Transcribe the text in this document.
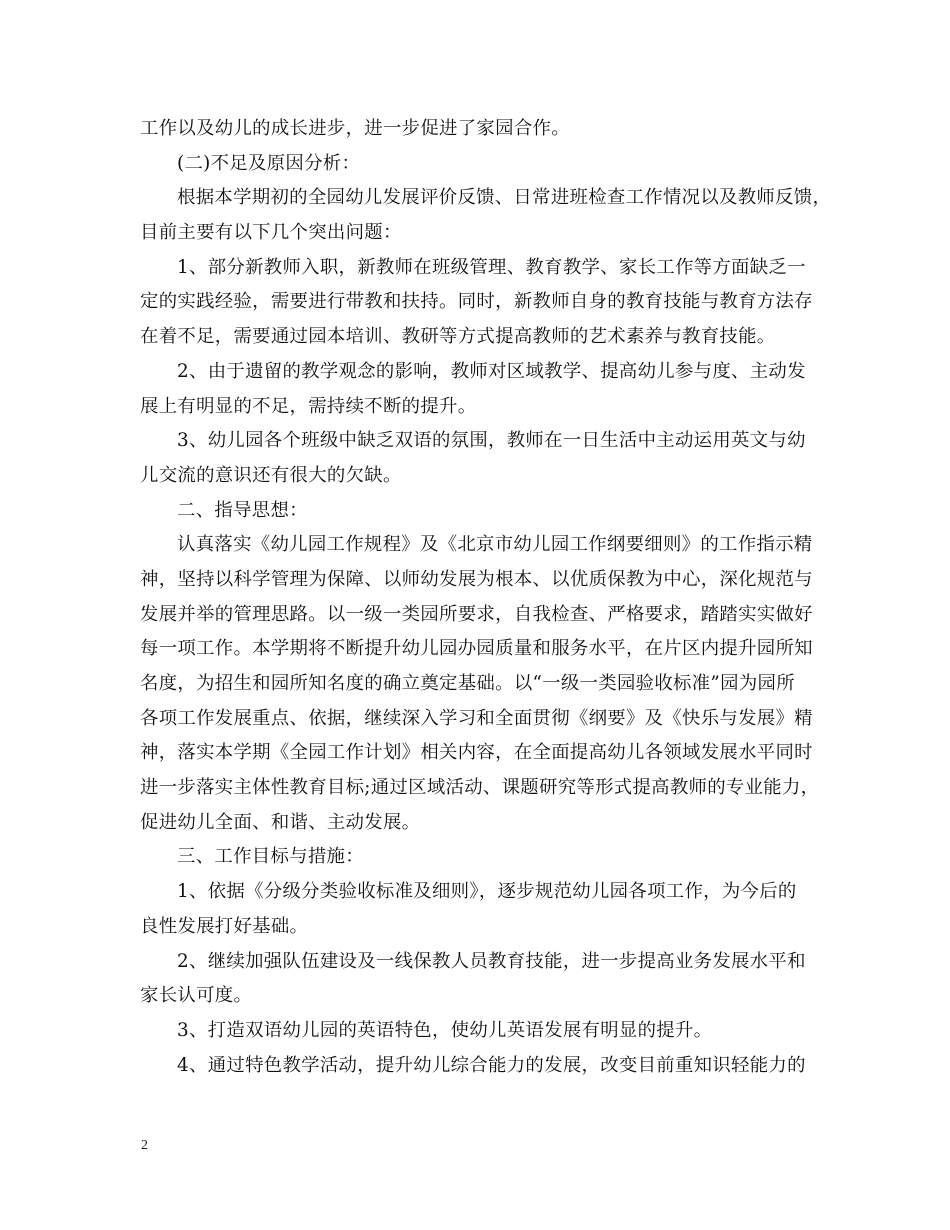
工作以及幼儿的成长进步，进一步促进了家园合作。
(二)不足及原因分析：
根据本学期初的全园幼儿发展评价反馈、日常进班检查工作情况以及教师反馈，
目前主要有以下几个突出问题：
1、部分新教师入职，新教师在班级管理、教育教学、家长工作等方面缺乏一
定的实践经验，需要进行带教和扶持。同时，新教师自身的教育技能与教育方法存
在着不足，需要通过园本培训、教研等方式提高教师的艺术素养与教育技能。
2、由于遗留的教学观念的影响，教师对区域教学、提高幼儿参与度、主动发
展上有明显的不足，需持续不断的提升。
3、幼儿园各个班级中缺乏双语的氛围，教师在一日生活中主动运用英文与幼
儿交流的意识还有很大的欠缺。
二、指导思想：
认真落实《幼儿园工作规程》及《北京市幼儿园工作纲要细则》的工作指示精
神，坚持以科学管理为保障、以师幼发展为根本、以优质保教为中心，深化规范与
发展并举的管理思路。以一级一类园所要求，自我检查、严格要求，踏踏实实做好
每一项工作。本学期将不断提升幼儿园办园质量和服务水平，在片区内提升园所知
名度，为招生和园所知名度的确立奠定基础。以“一级一类园验收标准”园为园所
各项工作发展重点、依据，继续深入学习和全面贯彻《纲要》及《快乐与发展》精
神，落实本学期《全园工作计划》相关内容，在全面提高幼儿各领域发展水平同时
进一步落实主体性教育目标;通过区域活动、课题研究等形式提高教师的专业能力，
促进幼儿全面、和谐、主动发展。
三、工作目标与措施：
1、依据《分级分类验收标准及细则》，逐步规范幼儿园各项工作，为今后的
良性发展打好基础。
2、继续加强队伍建设及一线保教人员教育技能，进一步提高业务发展水平和
家长认可度。
3、打造双语幼儿园的英语特色，使幼儿英语发展有明显的提升。
4、通过特色教学活动，提升幼儿综合能力的发展，改变目前重知识轻能力的
2
